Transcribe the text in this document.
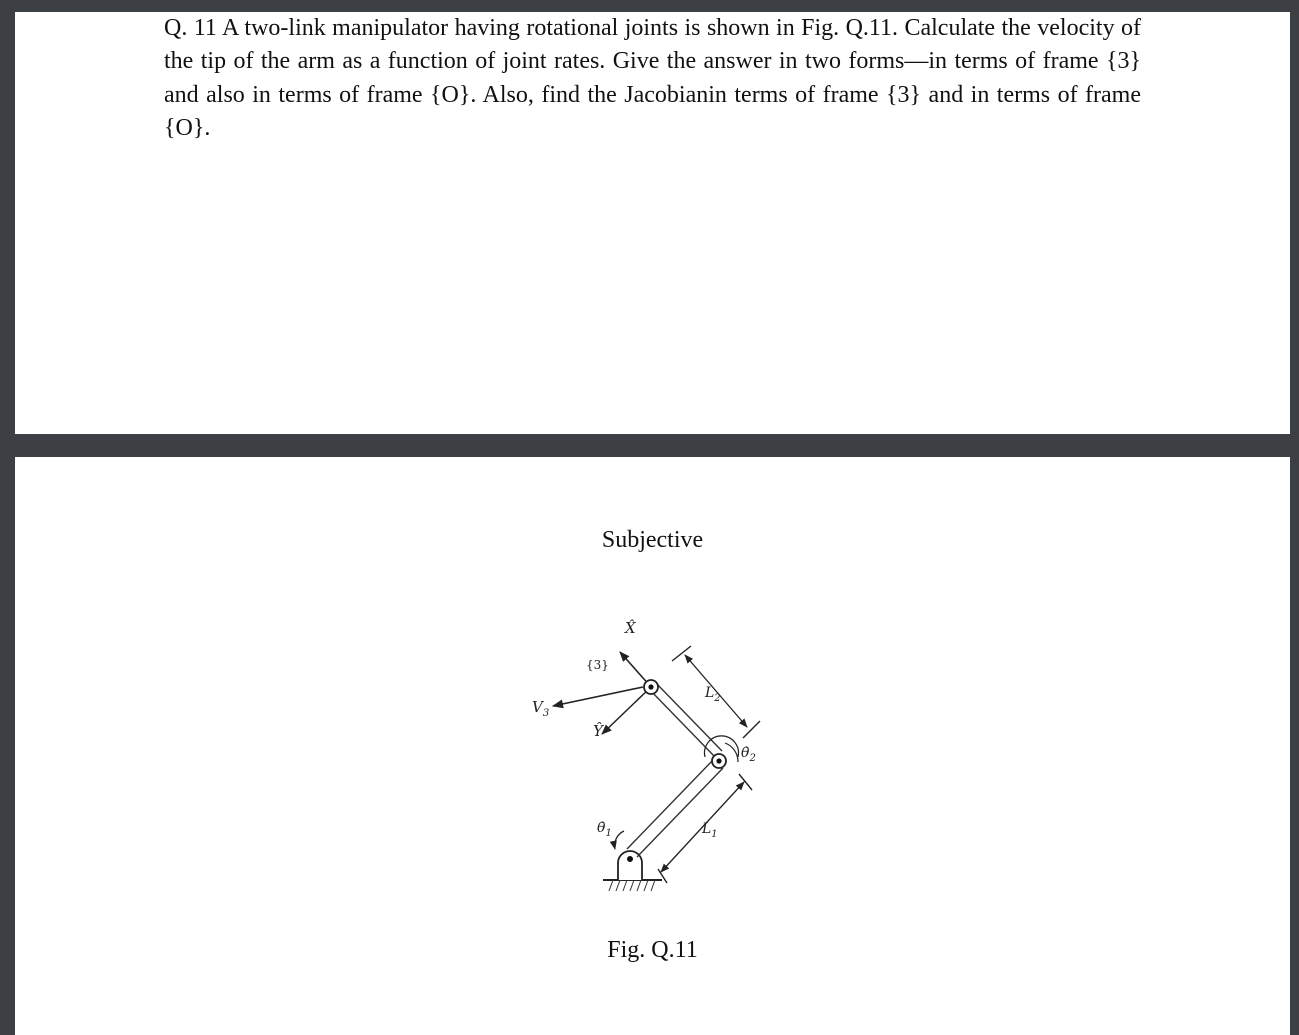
Q. 11 A two-link manipulator having rotational joints is shown in Fig. Q.11. Calculate the velocity of the tip of the arm as a function of joint rates. Give the answer in two forms—in terms of frame {3} and also in terms of frame {O}. Also, find the Jacobianin terms of frame {3} and in terms of frame {O}.

Subjective
X̂
{3}
Ŷ
$V_3$
$L_2$
$\thetȧ_2$
$L_1$
$\thetȧ_1$
Fig. Q.11
